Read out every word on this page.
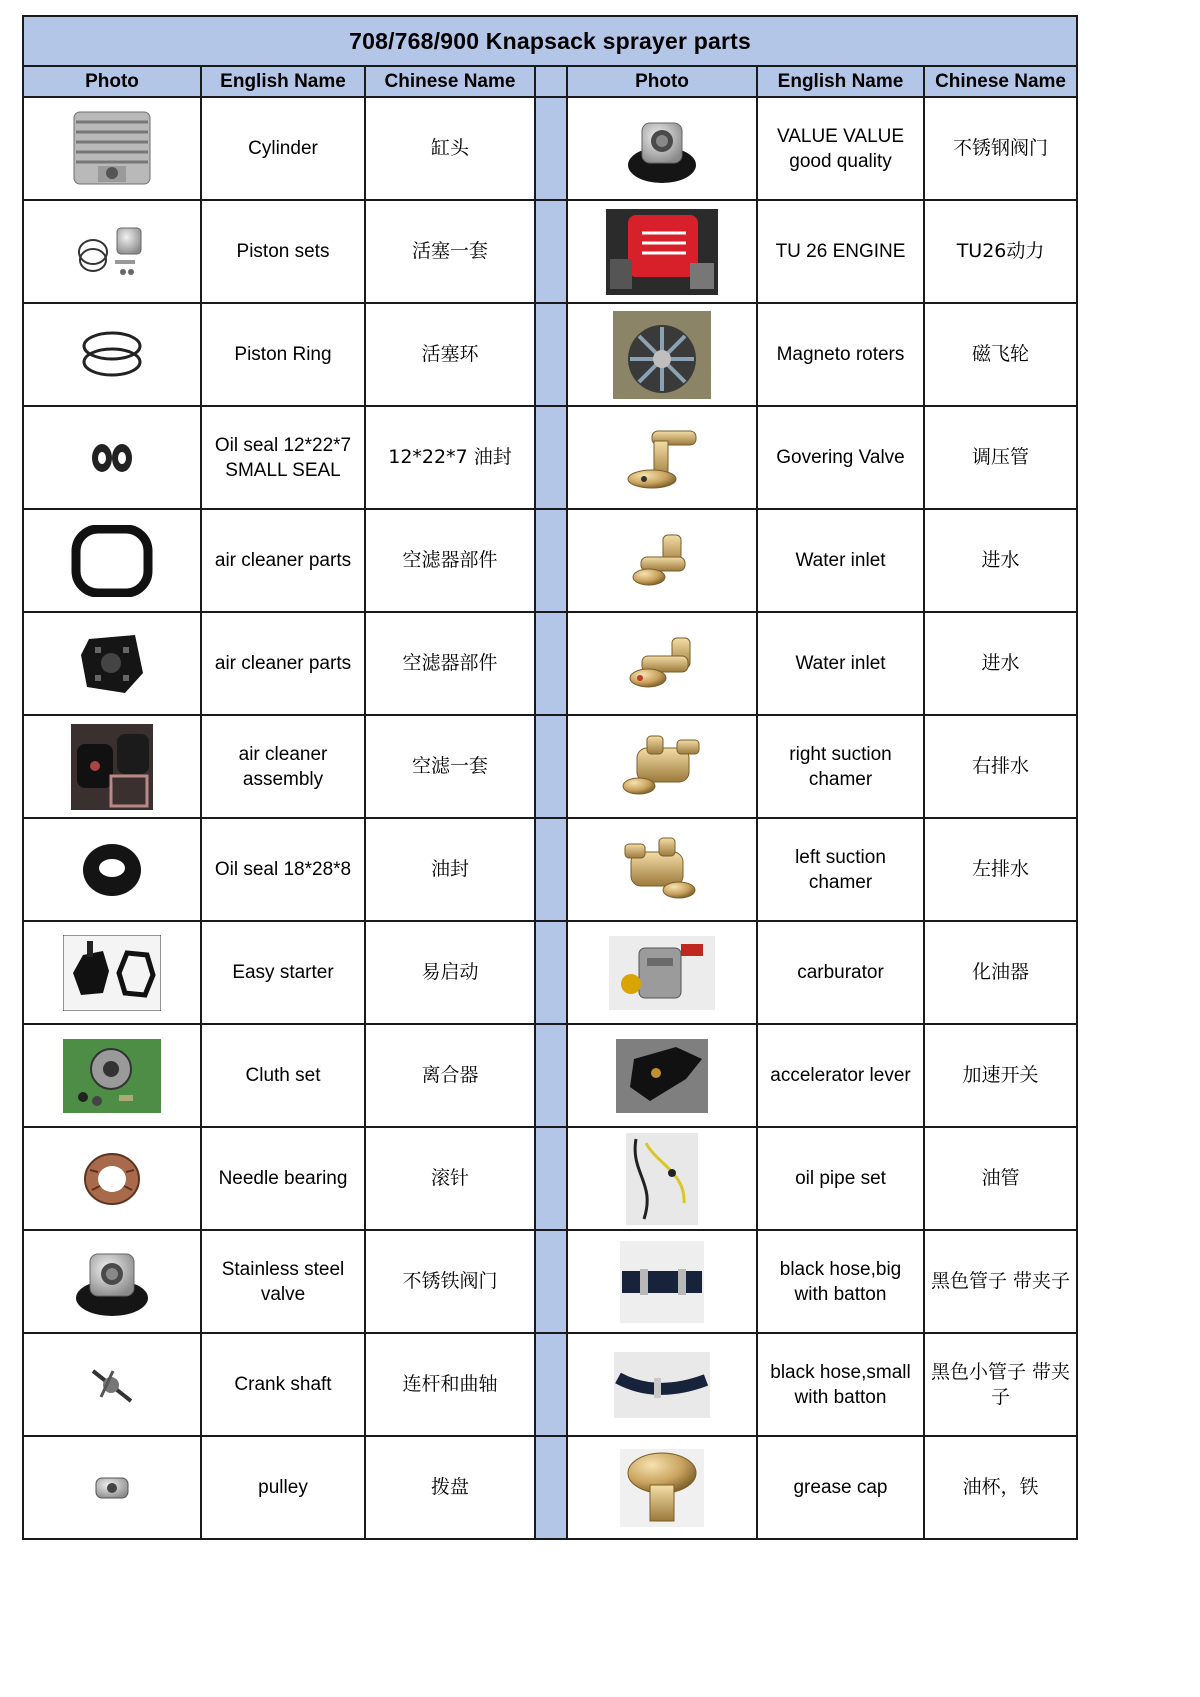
708/768/900 Knapsack sprayer parts						
Photo	English Name	Chinese Name		Photo	English Name	Chinese Name

	Cylinder	缸头			VALUE VALUE good quality	不锈钢阀门

	Piston sets	活塞一套			TU 26 ENGINE	TU26动力

	Piston Ring	活塞环			Magneto roters	磁飞轮

	Oil seal 12*22*7 SMALL SEAL	12*22*7 油封			Govering Valve	调压管

	air cleaner parts	空滤器部件			Water inlet	进水

	air cleaner parts	空滤器部件			Water inlet	进水

	air cleaner assembly	空滤一套			right suction chamer	右排水

	Oil seal 18*28*8	油封			left suction chamer	左排水

	Easy starter	易启动			carburator	化油器

	Cluth set	离合器			accelerator lever	加速开关

	Needle bearing	滚针			oil pipe set	油管

	Stainless steel valve	不锈铁阀门			black hose,big with batton	黑色管子 带夹子

	Crank shaft	连杆和曲轴			black hose,small with batton	黑色小管子 带夹子

	pulley	拨盘			grease cap	油杯，铁
